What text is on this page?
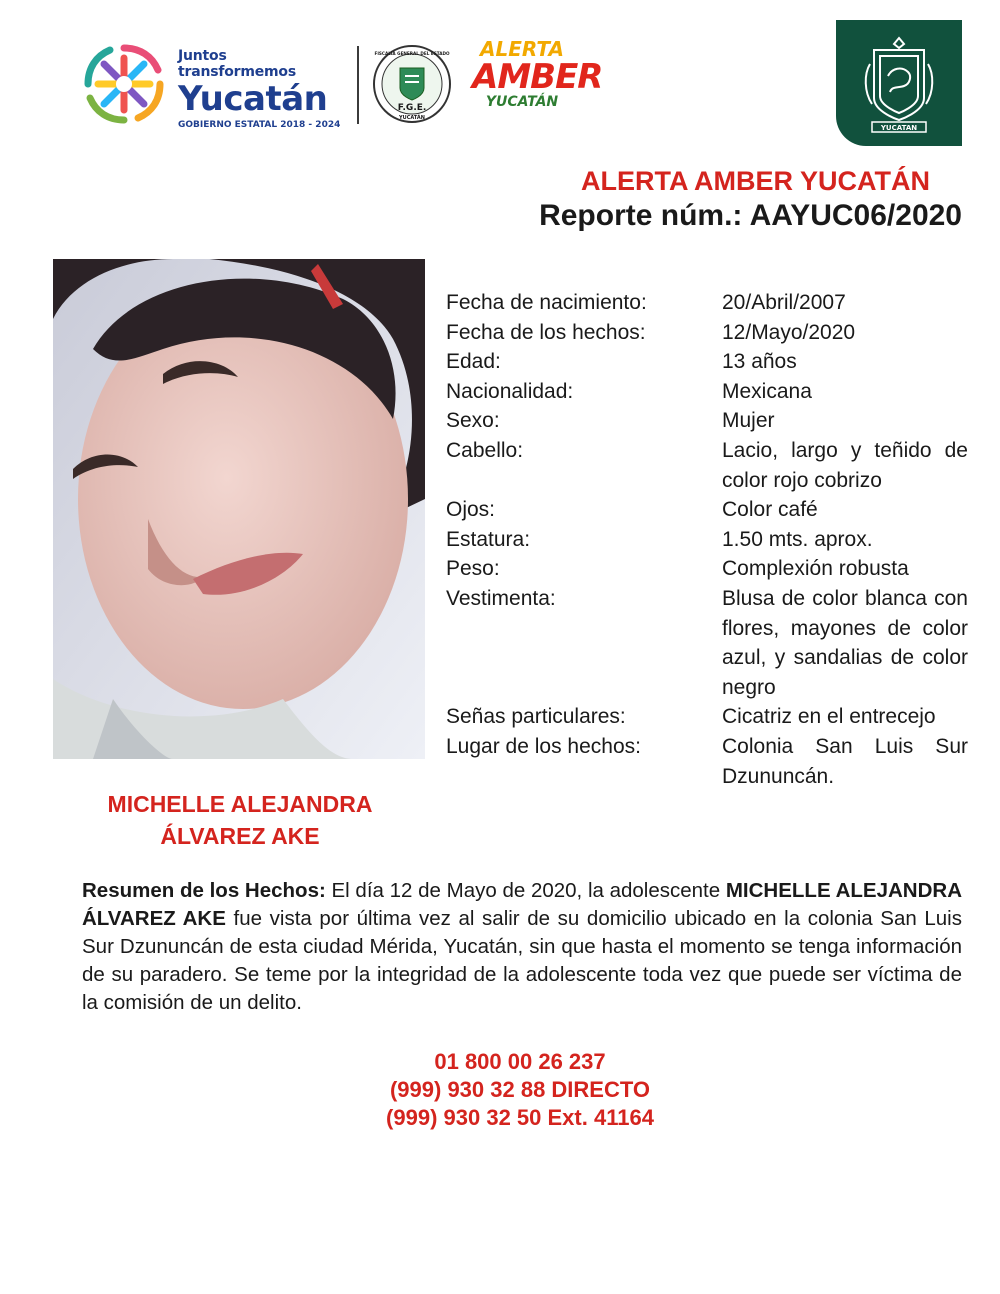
Juntos transformemos
Yucatán
GOBIERNO ESTATAL 2018 - 2024
F.G.E.
FISCALÍA GENERAL DEL ESTADO
YUCATÁN
ALERTA
AMBER
YUCATÁN
YUCATAN
ALERTA AMBER YUCATÁN
Reporte núm.: AAYUC06/2020
Fecha de nacimiento:	20/Abril/2007
Fecha de los hechos:	12/Mayo/2020
Edad:	13 años
Nacionalidad:	Mexicana
Sexo:	Mujer
Cabello:	Lacio, largo y teñido de color rojo cobrizo
Ojos:	Color café
Estatura:	1.50 mts. aprox.
Peso:	Complexión robusta
Vestimenta:	Blusa de color blanca con flores, mayones de color azul, y sandalias de color negro
Señas particulares:	Cicatriz en el entrecejo
Lugar de los hechos:	Colonia San Luis Sur Dzununcán.
MICHELLE ALEJANDRA
ÁLVAREZ AKE
Resumen de los Hechos: El día 12 de Mayo de 2020, la adolescente MICHELLE ALEJANDRA ÁLVAREZ AKE fue vista por última vez al salir de su domicilio ubicado en la colonia San Luis Sur Dzununcán de esta ciudad Mérida, Yucatán, sin que hasta el momento se tenga información de su paradero. Se teme por la integridad de la adolescente toda vez que puede ser víctima de la comisión de un delito.
01 800 00 26 237
(999) 930 32 88 DIRECTO
(999) 930 32 50 Ext. 41164
